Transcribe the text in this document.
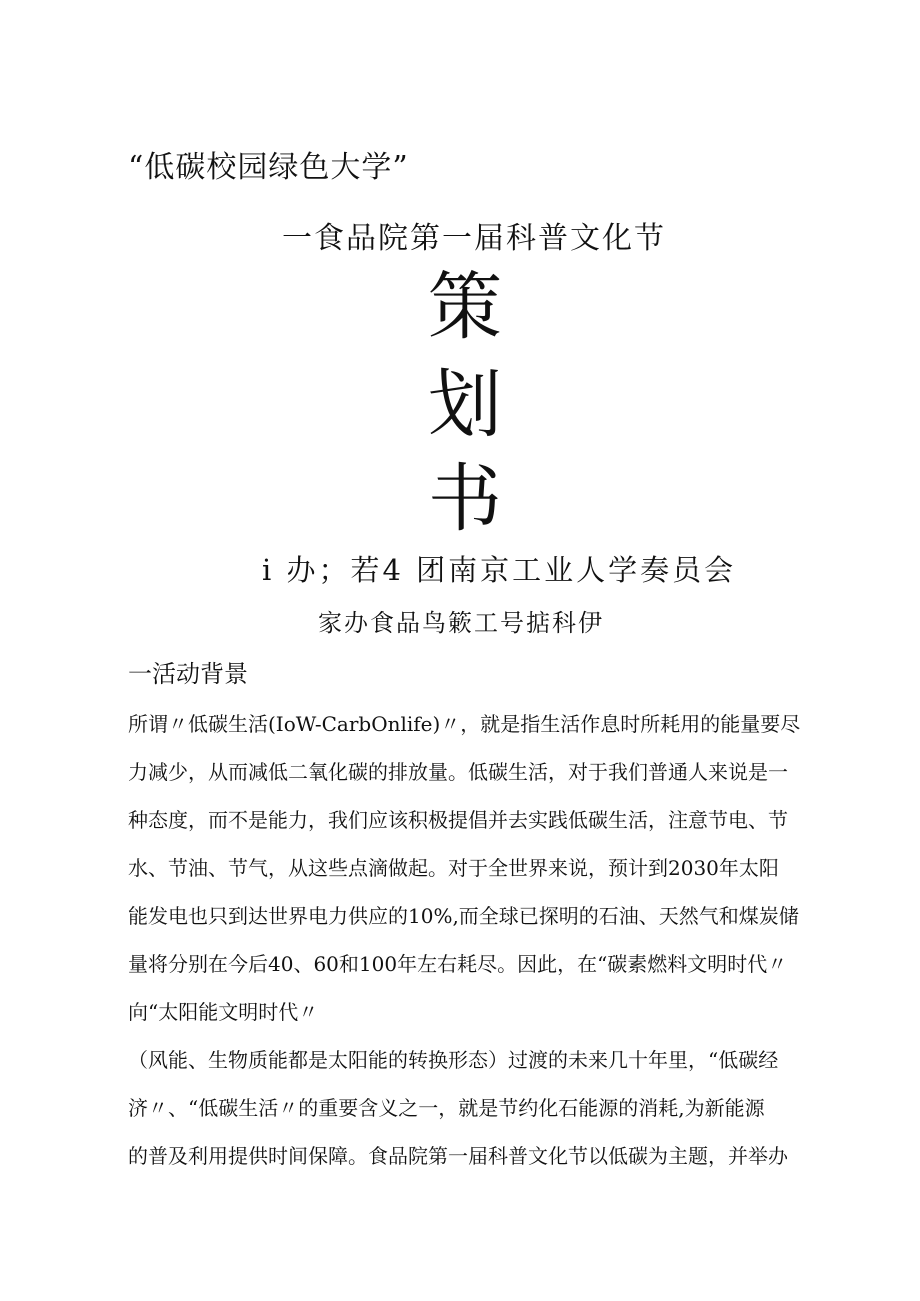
“低碳校园绿色大学”
一食品院第一届科普文化节
策
划
书
i 办；若4 团南京工业人学奏员会
家办食品鸟簌工号掂科伊
一活动背景

所谓〃低碳生活(IoW-CarbOnlife)〃，就是指生活作息时所耗用的能量要尽

力减少，从而减低二氧化碳的排放量。低碳生活，对于我们普通人来说是一

种态度，而不是能力，我们应该积极提倡并去实践低碳生活，注意节电、节

水、节油、节气，从这些点滴做起。对于全世界来说，预计到2030年太阳

能发电也只到达世界电力供应的10%,而全球已探明的石油、天然气和煤炭储

量将分别在今后40、60和100年左右耗尽。因此，在“碳素燃料文明时代〃

向“太阳能文明时代〃

（风能、生物质能都是太阳能的转换形态）过渡的未来几十年里，“低碳经

济〃、“低碳生活〃的重要含义之一，就是节约化石能源的消耗,为新能源

的普及利用提供时间保障。食品院第一届科普文化节以低碳为主题，并举办
